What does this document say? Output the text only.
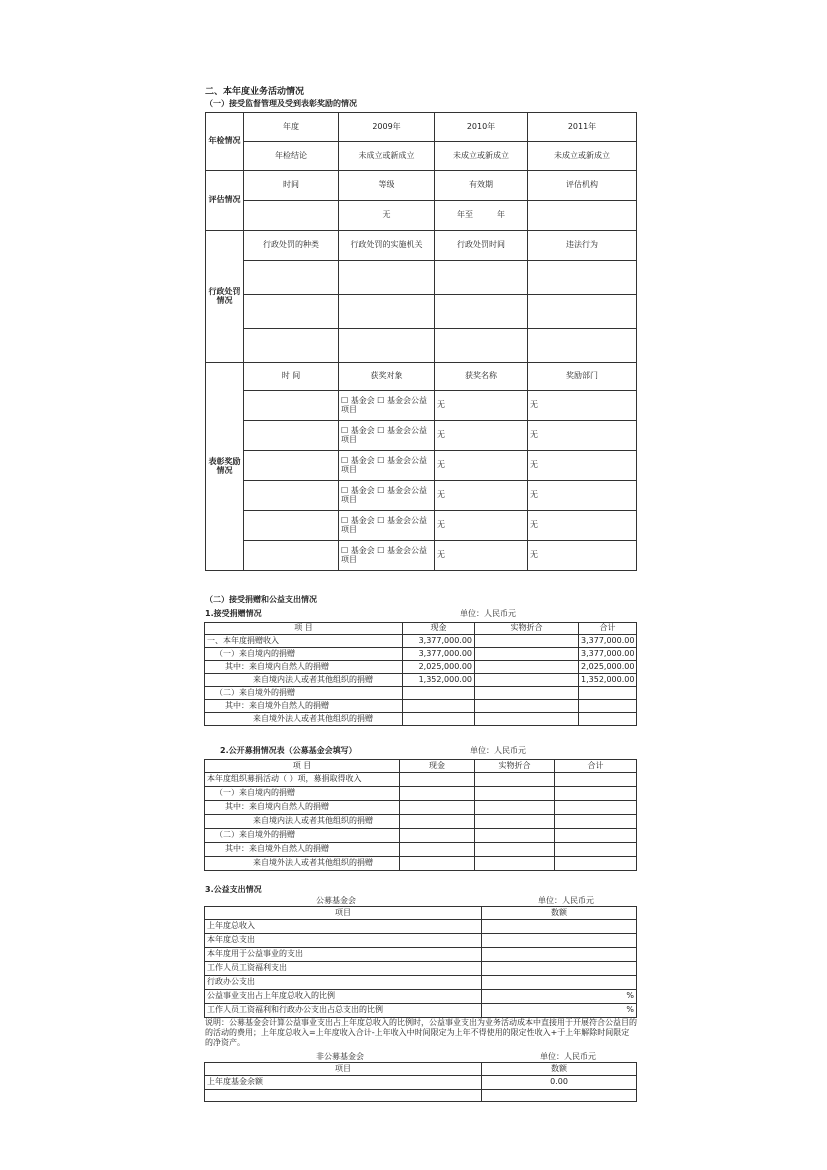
二、本年度业务活动情况
（一）接受监督管理及受到表彰奖励的情况
年检情况	年度	2009年	2010年	2011年
	年检结论	未成立或新成立	未成立或新成立	未成立或新成立
评估情况	时间	等级	有效期	评估机构
		无	年至　　　年	
行政处罚情况	行政处罚的种类	行政处罚的实施机关	行政处罚时间	违法行为

表彰奖励情况	时 间	获奖对象	获奖名称	奖励部门
		☐ 基金会 ☐ 基金会公益项目	无	无
		☐ 基金会 ☐ 基金会公益项目	无	无
		☐ 基金会 ☐ 基金会公益项目	无	无
		☐ 基金会 ☐ 基金会公益项目	无	无
		☐ 基金会 ☐ 基金会公益项目	无	无
		☐ 基金会 ☐ 基金会公益项目	无	无
（二）接受捐赠和公益支出情况
1.接受捐赠情况	单位：人民币元
项 目	现金	实物折合	合计
一、本年度捐赠收入	3,377,000.00		3,377,000.00
（一）来自境内的捐赠	3,377,000.00		3,377,000.00
其中：来自境内自然人的捐赠	2,025,000.00		2,025,000.00
来自境内法人或者其他组织的捐赠	1,352,000.00		1,352,000.00
（二）来自境外的捐赠			
其中：来自境外自然人的捐赠			
来自境外法人或者其他组织的捐赠			
2.公开募捐情况表（公募基金会填写）	单位：人民币元
项 目	现金	实物折合	合计
本年度组织募捐活动（ ）项，募捐取得收入			
（一）来自境内的捐赠			
其中：来自境内自然人的捐赠			
来自境内法人或者其他组织的捐赠			
（二）来自境外的捐赠			
其中：来自境外自然人的捐赠			
来自境外法人或者其他组织的捐赠			
3.公益支出情况
公募基金会	单位：人民币元
项目	数额
上年度总收入	
本年度总支出	
本年度用于公益事业的支出	
工作人员工资福利支出	
行政办公支出	
公益事业支出占上年度总收入的比例	%
工作人员工资福利和行政办公支出占总支出的比例	%
说明：公募基金会计算公益事业支出占上年度总收入的比例时，公益事业支出为业务活动成本中直接用于开展符合公益目的的活动的费用；上年度总收入=上年度收入合计-上年收入中时间限定为上年不得使用的限定性收入+于上年解除时间限定的净资产。
非公募基金会	单位：人民币元
项目	数额
上年度基金余额	0.00
